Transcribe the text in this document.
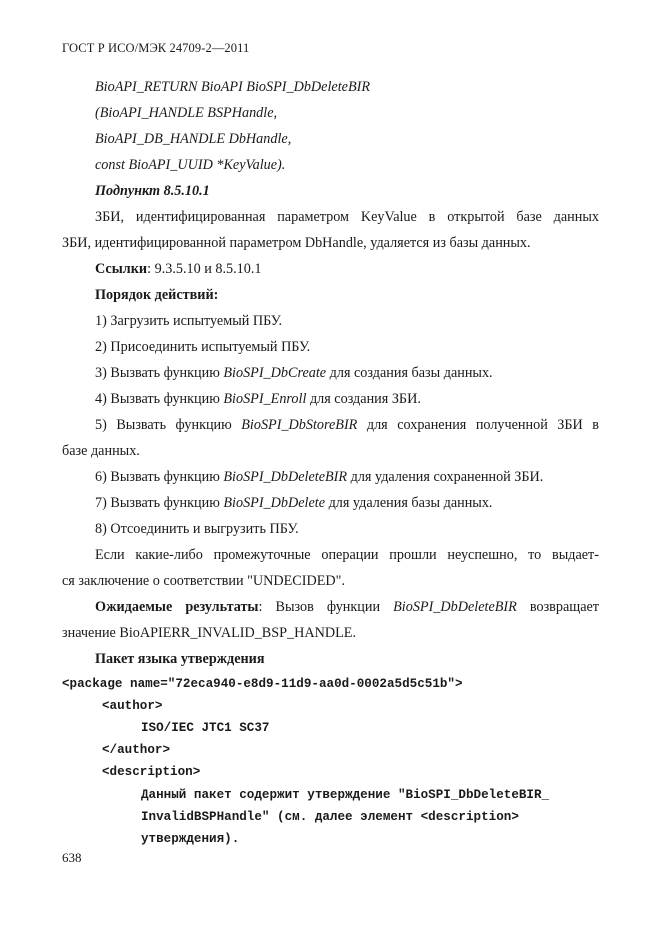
ГОСТ Р ИСО/МЭК 24709-2—2011
BioAPI_RETURN BioAPI BioSPI_DbDeleteBIR
(BioAPI_HANDLE BSPHandle,
BioAPI_DB_HANDLE DbHandle,
const BioAPI_UUID *KeyValue).
Подпункт 8.5.10.1
ЗБИ, идентифицированная параметром KeyValue в открытой базе данных
ЗБИ, идентифицированной параметром DbHandle, удаляется из базы данных.
Ссылки: 9.3.5.10 и 8.5.10.1
Порядок действий:
1) Загрузить испытуемый ПБУ.
2) Присоединить испытуемый ПБУ.
3) Вызвать функцию BioSPI_DbCreate для создания базы данных.
4) Вызвать функцию BioSPI_Enroll для создания ЗБИ.
5) Вызвать функцию BioSPI_DbStoreBIR для сохранения полученной ЗБИ в
базе данных.
6) Вызвать функцию BioSPI_DbDeleteBIR для удаления сохраненной ЗБИ.
7) Вызвать функцию BioSPI_DbDelete для удаления базы данных.
8) Отсоединить и выгрузить ПБУ.
Если какие-либо промежуточные операции прошли неуспешно, то выдает-
ся заключение о соответствии "UNDECIDED".
Ожидаемые результаты: Вызов функции BioSPI_DbDeleteBIR возвращает
значение BioAPIERR_INVALID_BSP_HANDLE.
Пакет языка утверждения
<package name="72eca940-e8d9-11d9-aa0d-0002a5d5c51b">
<author>
ISO/IEC JTC1 SC37
</author>
<description>
Данный пакет содержит утверждение "BioSPI_DbDeleteBIR_
InvalidBSPHandle" (см. далее элемент <description>
утверждения).
638
